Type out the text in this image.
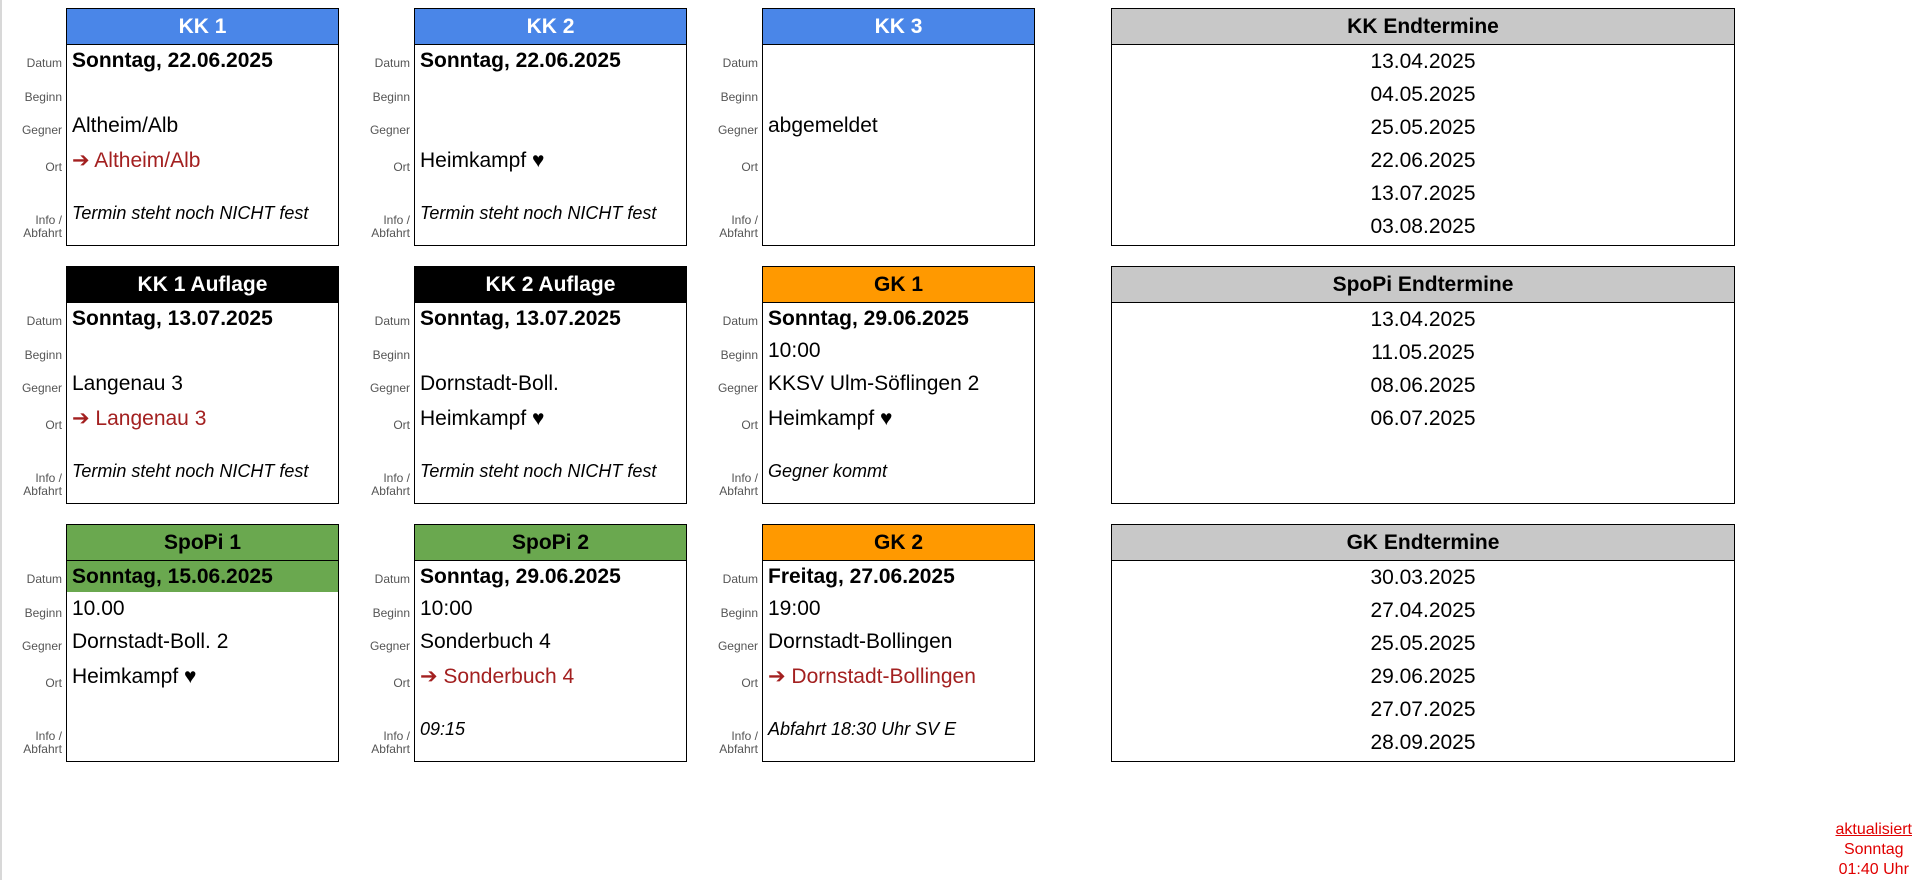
Datum
Beginn
Gegner
Ort
Info /
Abfahrt
KK 1
Sonntag, 22.06.2025
Altheim/Alb
➔ Altheim/Alb
Termin steht noch NICHT fest
Datum
Beginn
Gegner
Ort
Info /
Abfahrt
KK 2
Sonntag, 22.06.2025
Heimkampf ♥
Termin steht noch NICHT fest
Datum
Beginn
Gegner
Ort
Info /
Abfahrt
KK 3
abgemeldet
Datum
Beginn
Gegner
Ort
Info /
Abfahrt
KK 1 Auflage
Sonntag, 13.07.2025
Langenau 3
➔ Langenau 3
Termin steht noch NICHT fest
Datum
Beginn
Gegner
Ort
Info /
Abfahrt
KK 2 Auflage
Sonntag, 13.07.2025
Dornstadt-Boll.
Heimkampf ♥
Termin steht noch NICHT fest
Datum
Beginn
Gegner
Ort
Info /
Abfahrt
GK 1
Sonntag, 29.06.2025
10:00
KKSV Ulm-Söflingen 2
Heimkampf ♥
Gegner kommt
Datum
Beginn
Gegner
Ort
Info /
Abfahrt
SpoPi 1
Sonntag, 15.06.2025
10.00
Dornstadt-Boll. 2
Heimkampf ♥
Datum
Beginn
Gegner
Ort
Info /
Abfahrt
SpoPi 2
Sonntag, 29.06.2025
10:00
Sonderbuch 4
➔ Sonderbuch 4
09:15
Datum
Beginn
Gegner
Ort
Info /
Abfahrt
GK 2
Freitag, 27.06.2025
19:00
Dornstadt-Bollingen
➔ Dornstadt-Bollingen
Abfahrt 18:30 Uhr SV E
KK Endtermine
13.04.2025
04.05.2025
25.05.2025
22.06.2025
13.07.2025
03.08.2025
SpoPi Endtermine
13.04.2025
11.05.2025
08.06.2025
06.07.2025
GK Endtermine
30.03.2025
27.04.2025
25.05.2025
29.06.2025
27.07.2025
28.09.2025
aktualisiert
Sonntag
01:40 Uhr
